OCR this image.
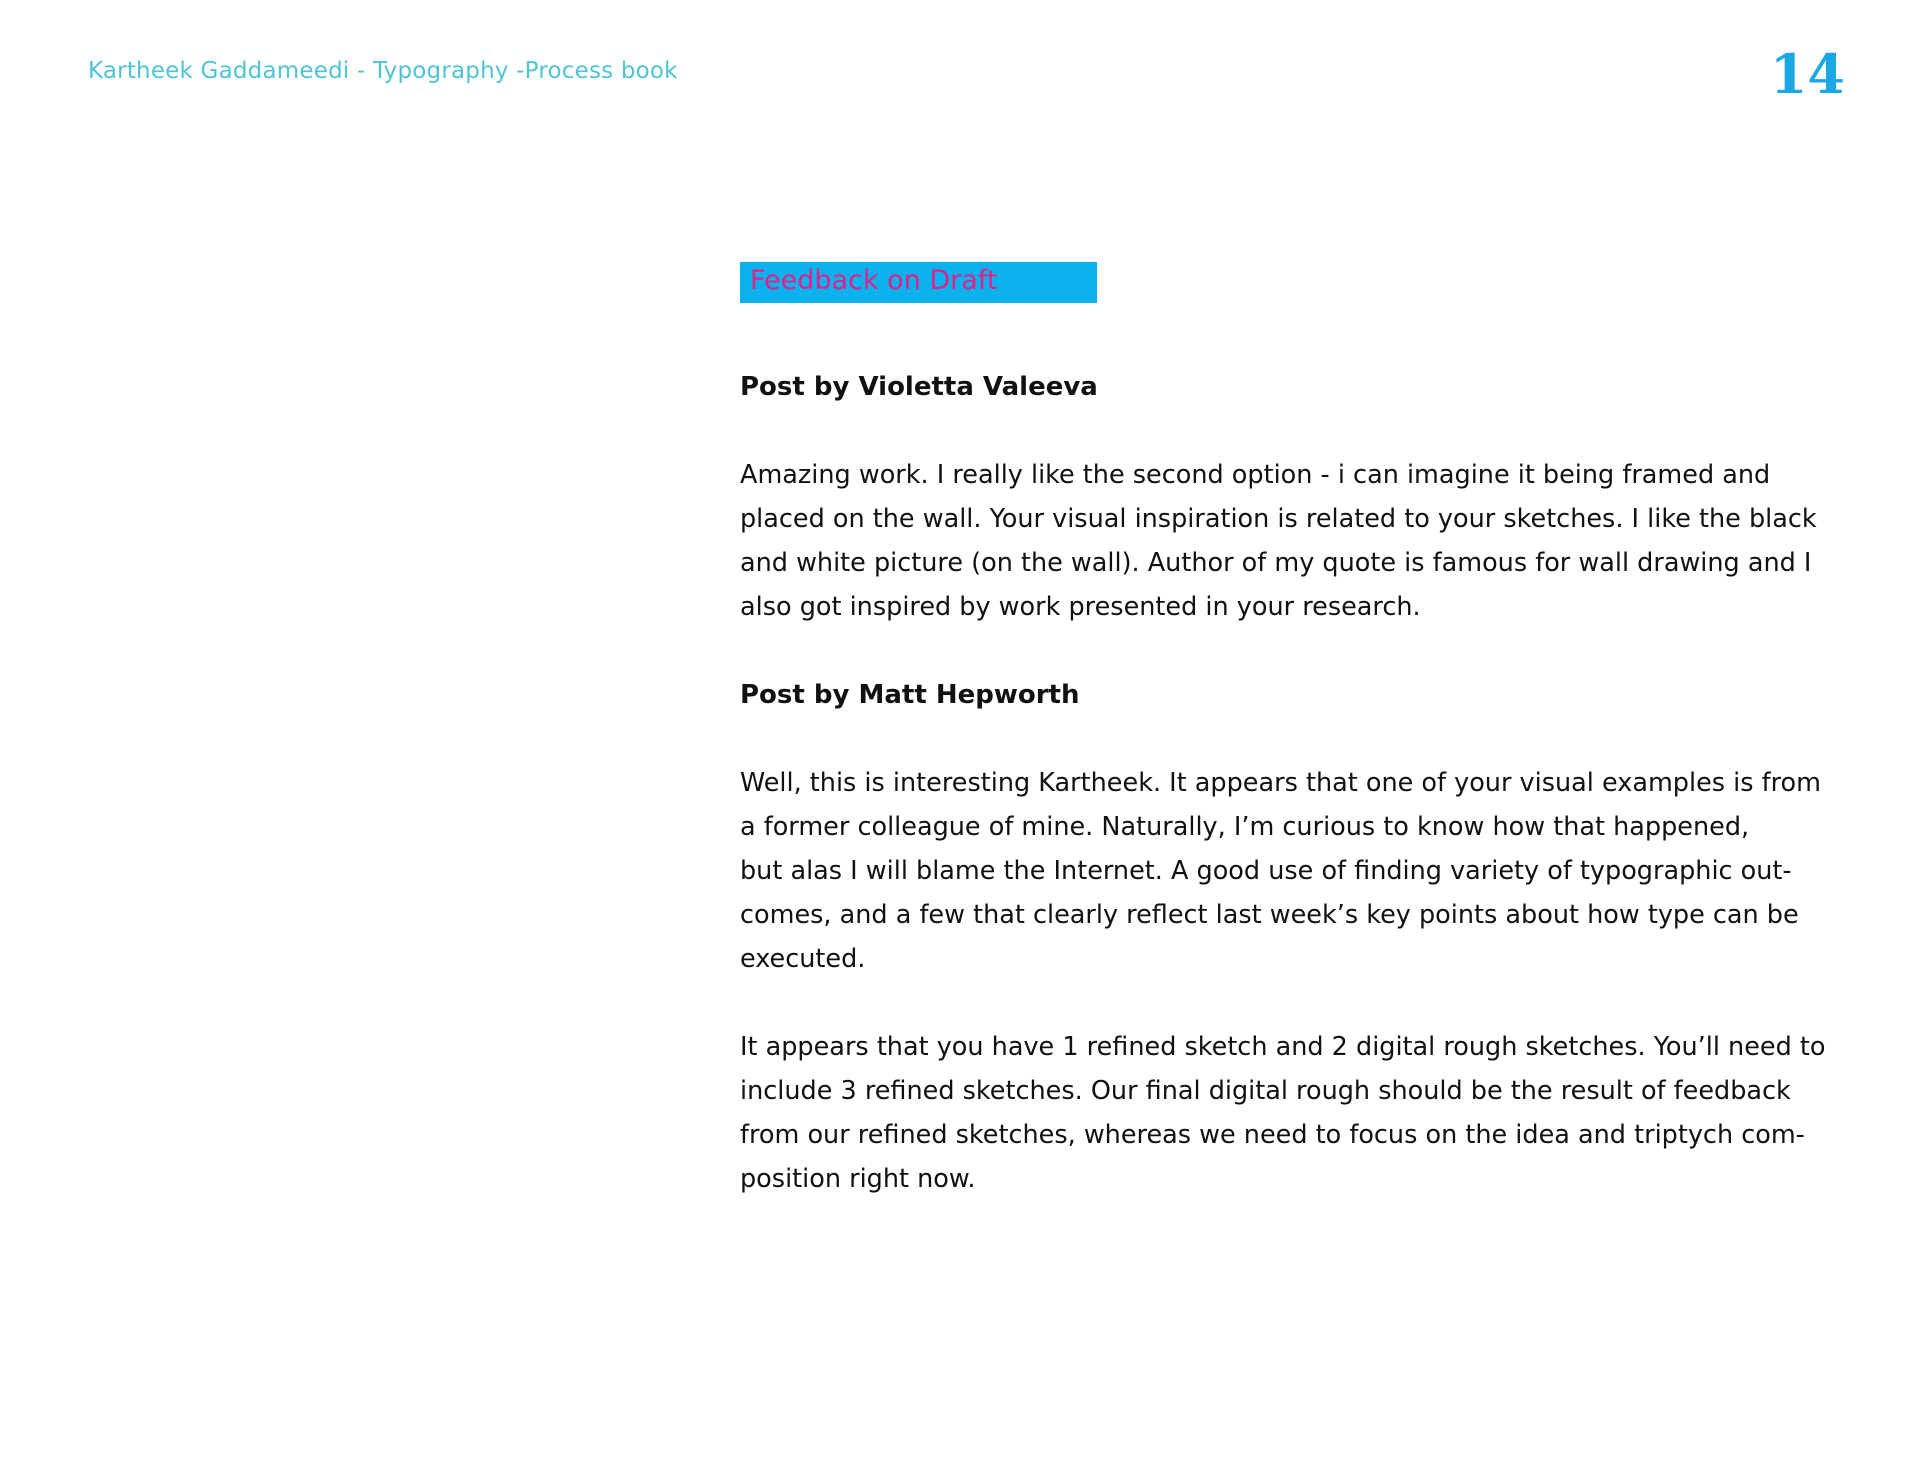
Kartheek Gaddameedi - Typography -Process book	14
Feedback on Draft
Post by Violetta Valeeva

Amazing work. I really like the second option - i can imagine it being framed and
placed on the wall. Your visual inspiration is related to your sketches. I like the black
and white picture (on the wall). Author of my quote is famous for wall drawing and I
also got inspired by work presented in your research.

Post by Matt Hepworth

Well, this is interesting Kartheek. It appears that one of your visual examples is from
a former colleague of mine. Naturally, I’m curious to know how that happened,
but alas I will blame the Internet. A good use of finding variety of typographic out-
comes, and a few that clearly reflect last week’s key points about how type can be
executed.

It appears that you have 1 refined sketch and 2 digital rough sketches. You’ll need to
include 3 refined sketches. Our final digital rough should be the result of feedback
from our refined sketches, whereas we need to focus on the idea and triptych com-
position right now.
